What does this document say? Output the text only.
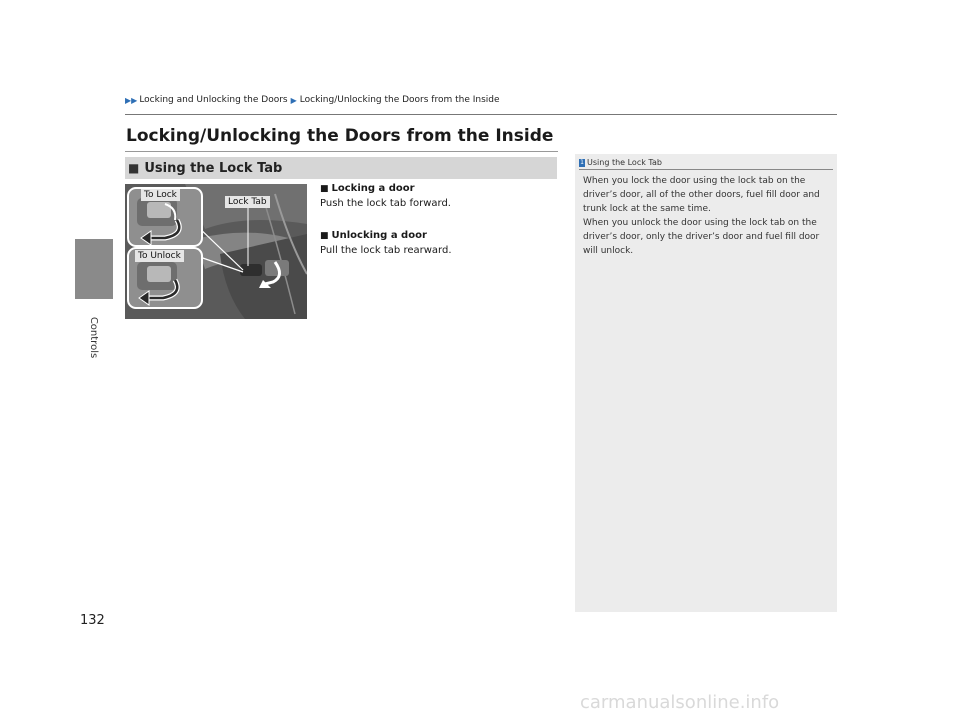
Controls
132
▶▶ Locking and Unlocking the Doors ▶ Locking/Unlocking the Doors from the Inside
Locking/Unlocking the Doors from the Inside
■ Using the Lock Tab
To Lock
Lock Tab
To Unlock
■ Locking a door
Push the lock tab forward.
■ Unlocking a door
Pull the lock tab rearward.
1 Using the Lock Tab

When you lock the door using the lock tab on the driver’s door, all of the other doors, fuel fill door and trunk lock at the same time.

When you unlock the door using the lock tab on the driver’s door, only the driver’s door and fuel fill door will unlock.

carmanualsonline.info
